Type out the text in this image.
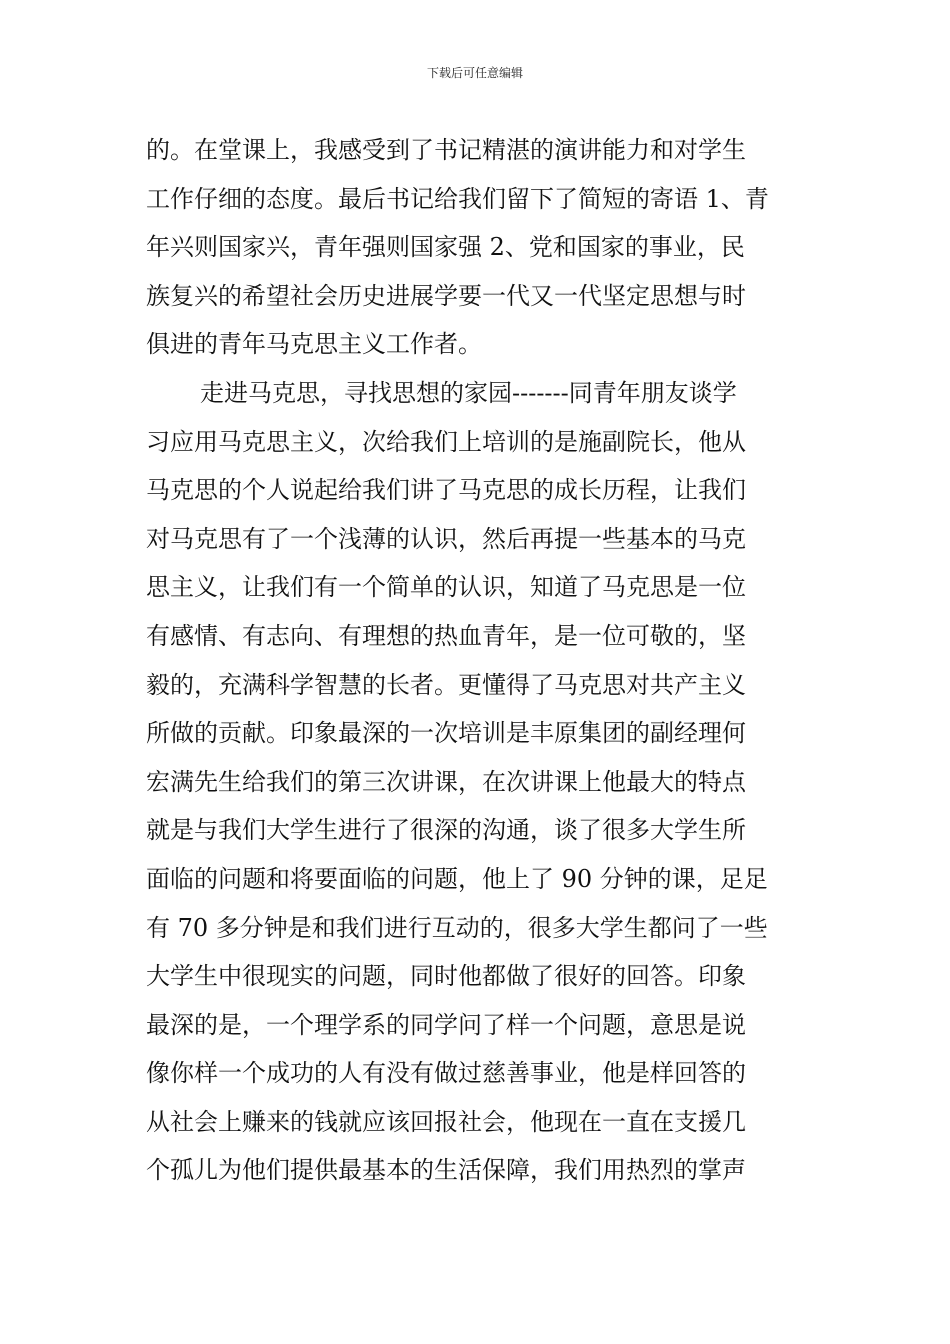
下载后可任意编辑
的。在堂课上，我感受到了书记精湛的演讲能力和对学生
工作仔细的态度。最后书记给我们留下了简短的寄语 1、青
年兴则国家兴，青年强则国家强 2、党和国家的事业，民
族复兴的希望社会历史进展学要一代又一代坚定思想与时
俱进的青年马克思主义工作者。
走进马克思，寻找思想的家园-------同青年朋友谈学
习应用马克思主义，次给我们上培训的是施副院长，他从
马克思的个人说起给我们讲了马克思的成长历程，让我们
对马克思有了一个浅薄的认识，然后再提一些基本的马克
思主义，让我们有一个简单的认识，知道了马克思是一位
有感情、有志向、有理想的热血青年，是一位可敬的，坚
毅的，充满科学智慧的长者。更懂得了马克思对共产主义
所做的贡献。印象最深的一次培训是丰原集团的副经理何
宏满先生给我们的第三次讲课，在次讲课上他最大的特点
就是与我们大学生进行了很深的沟通，谈了很多大学生所
面临的问题和将要面临的问题，他上了 90 分钟的课，足足
有 70 多分钟是和我们进行互动的，很多大学生都问了一些
大学生中很现实的问题，同时他都做了很好的回答。印象
最深的是，一个理学系的同学问了样一个问题，意思是说
像你样一个成功的人有没有做过慈善事业，他是样回答的
从社会上赚来的钱就应该回报社会，他现在一直在支援几
个孤儿为他们提供最基本的生活保障，我们用热烈的掌声
